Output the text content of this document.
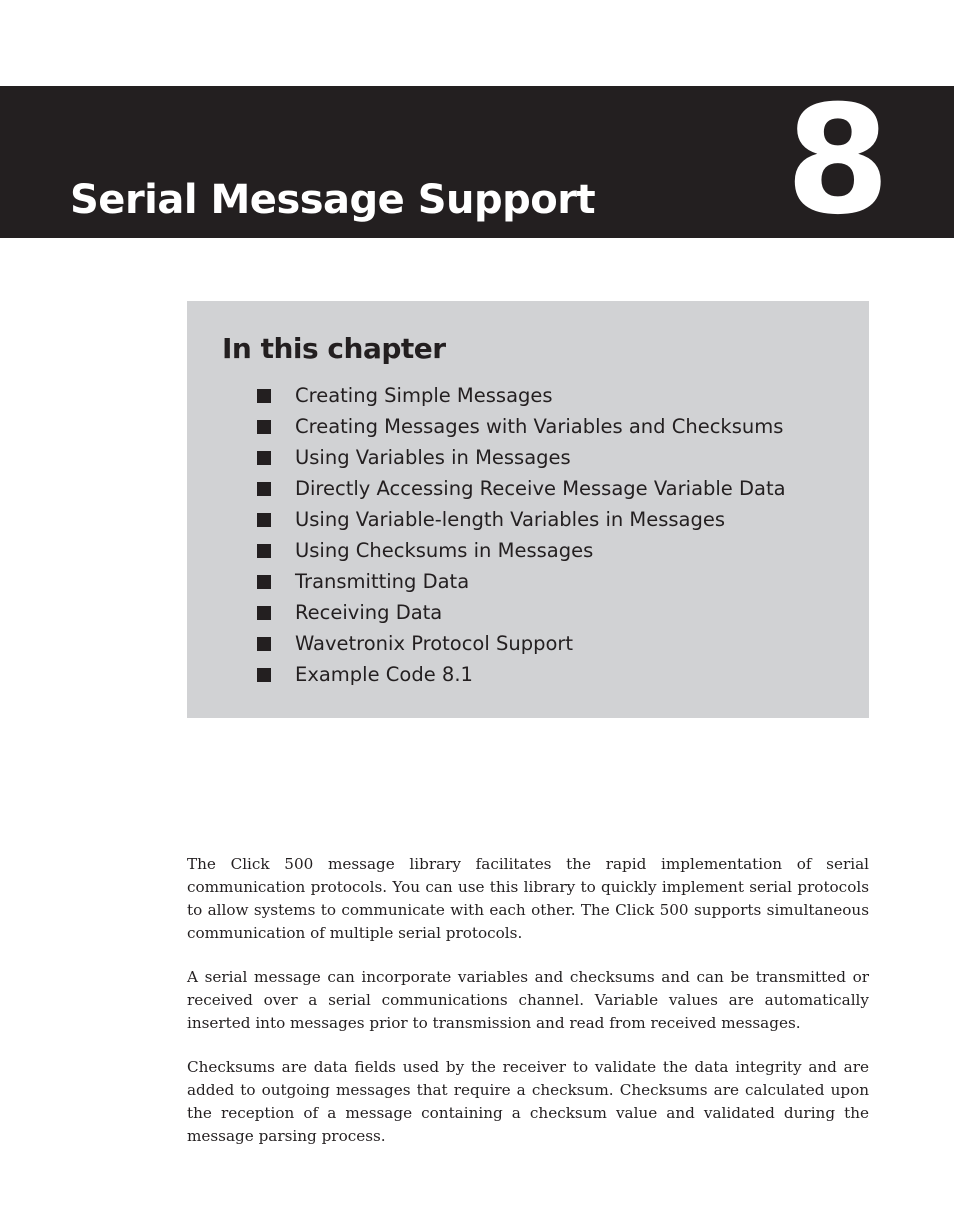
Serial Message Support 8
In this chapter
Creating Simple Messages
Creating Messages with Variables and Checksums
Using Variables in Messages
Directly Accessing Receive Message Variable Data
Using Variable-length Variables in Messages
Using Checksums in Messages
Transmitting Data
Receiving Data
Wavetronix Protocol Support
Example Code 8.1

The Click 500 message library facilitates the rapid implementation of serial communication protocols. You can use this library to quickly implement serial protocols to allow systems to communicate with each other. The Click 500 supports simultaneous communication of multiple serial protocols.

A serial message can incorporate variables and checksums and can be transmitted or received over a serial communications channel. Variable values are automatically inserted into messages prior to transmission and read from received messages.

Checksums are data fields used by the receiver to validate the data integrity and are added to outgoing messages that require a checksum. Checksums are calculated upon the reception of a message containing a checksum value and validated during the message parsing process.
